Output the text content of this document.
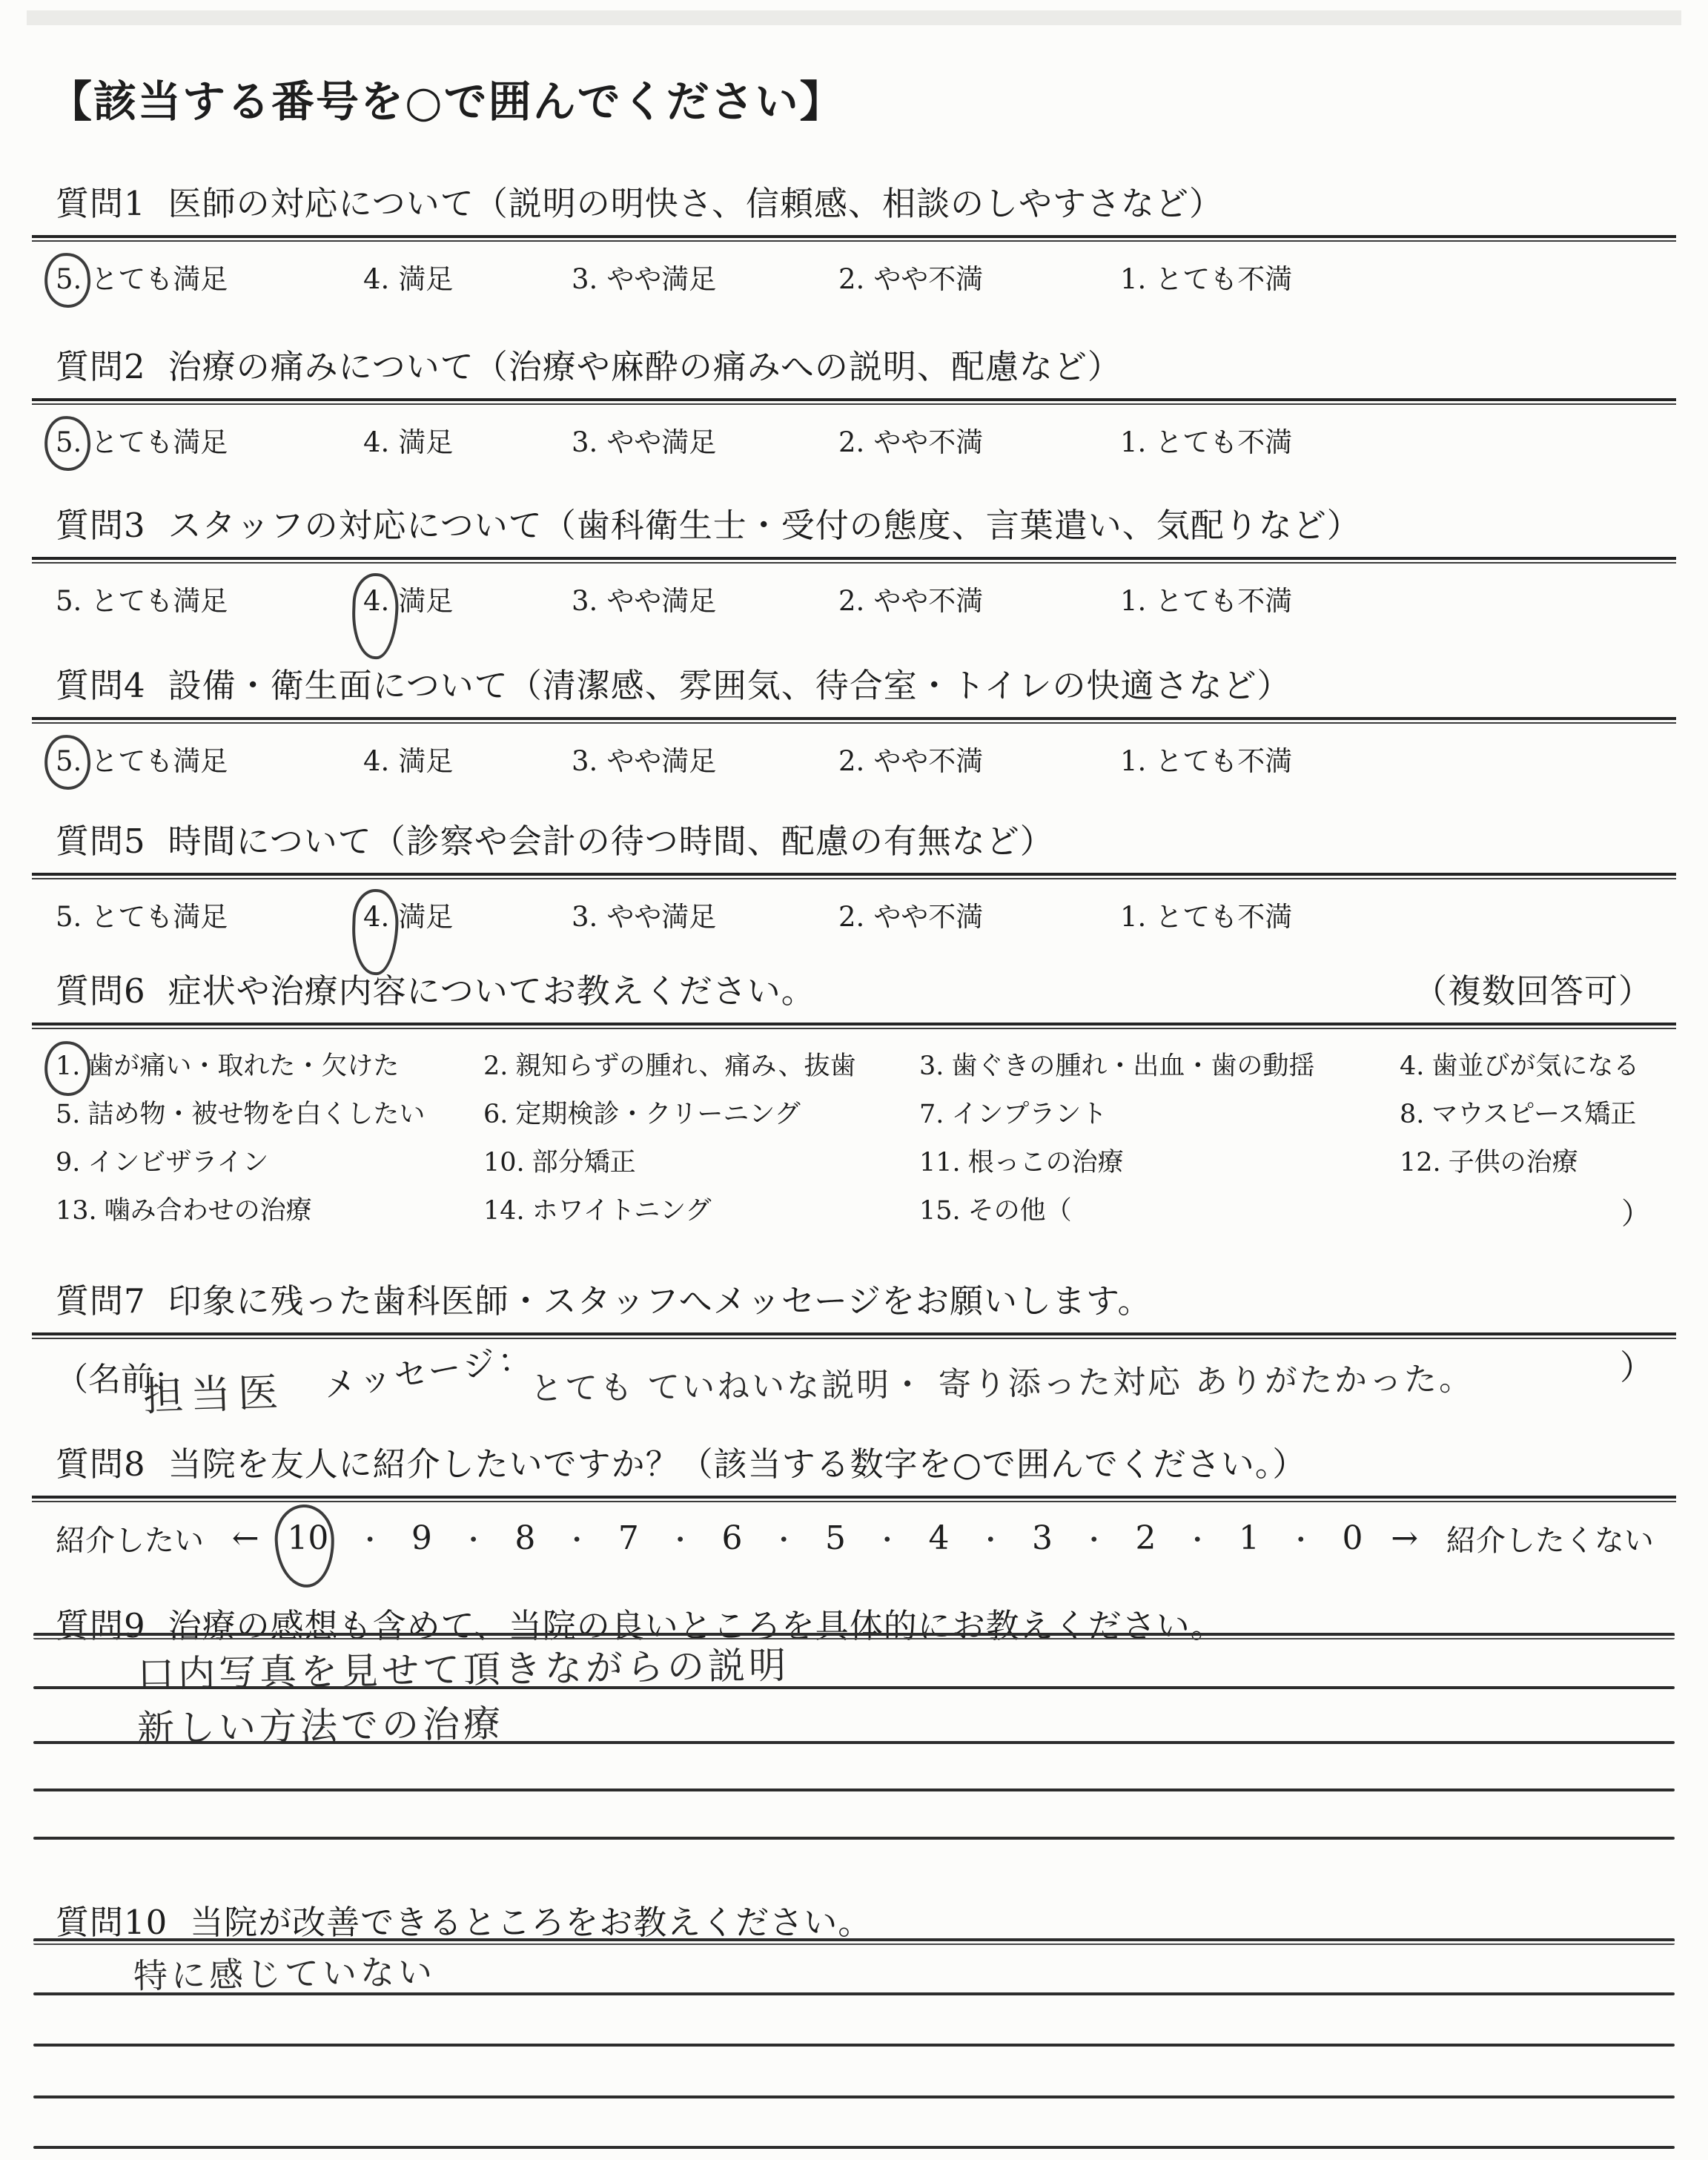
【該当する番号を○で囲んでください】
質問1 医師の対応について（説明の明快さ、信頼感、相談のしやすさなど）
5. とても満足	4. 満足	3. やや満足	2. やや不満	1. とても不満
質問2 治療の痛みについて（治療や麻酔の痛みへの説明、配慮など）
5. とても満足	4. 満足	3. やや満足	2. やや不満	1. とても不満
質問3 スタッフの対応について（歯科衛生士・受付の態度、言葉遣い、気配りなど）
5. とても満足	4. 満足	3. やや満足	2. やや不満	1. とても不満
質問4 設備・衛生面について（清潔感、雰囲気、待合室・トイレの快適さなど）
5. とても満足	4. 満足	3. やや満足	2. やや不満	1. とても不満
質問5 時間について（診察や会計の待つ時間、配慮の有無など）
5. とても満足	4. 満足	3. やや満足	2. やや不満	1. とても不満
質問6 症状や治療内容についてお教えください。	（複数回答可）
1. 歯が痛い・取れた・欠けた	2. 親知らずの腫れ、痛み、抜歯 3. 歯ぐきの腫れ・出血・歯の動揺	4. 歯並びが気になる
5. 詰め物・被せ物を白くしたい 6. 定期検診・クリーニング	7. インプラント	8. マウスピース矯正
9. インビザライン	10. 部分矯正	11. 根っこの治療	12. 子供の治療
13. 噛み合わせの治療	14. ホワイトニング	15. その他（	）
質問7 印象に残った歯科医師・スタッフへメッセージをお願いします。
（名前：
担当医 メッセージ：
とても ていねいな説明・ 寄り添った対応 ありがたかった。	）
質問8 当院を友人に紹介したいですか？（該当する数字を○で囲んでください。）
紹介したい ← 10 ・ 9 ・ 8 ・ 7 ・ 6 ・ 5 ・ 4 ・ 3 ・ 2 ・ 1 ・ 0 → 紹介したくない
質問9 治療の感想も含めて、当院の良いところを具体的にお教えください。
口内写真を見せて頂きながらの説明
新しい方法での治療
質問10 当院が改善できるところをお教えください。
特に感じていない
